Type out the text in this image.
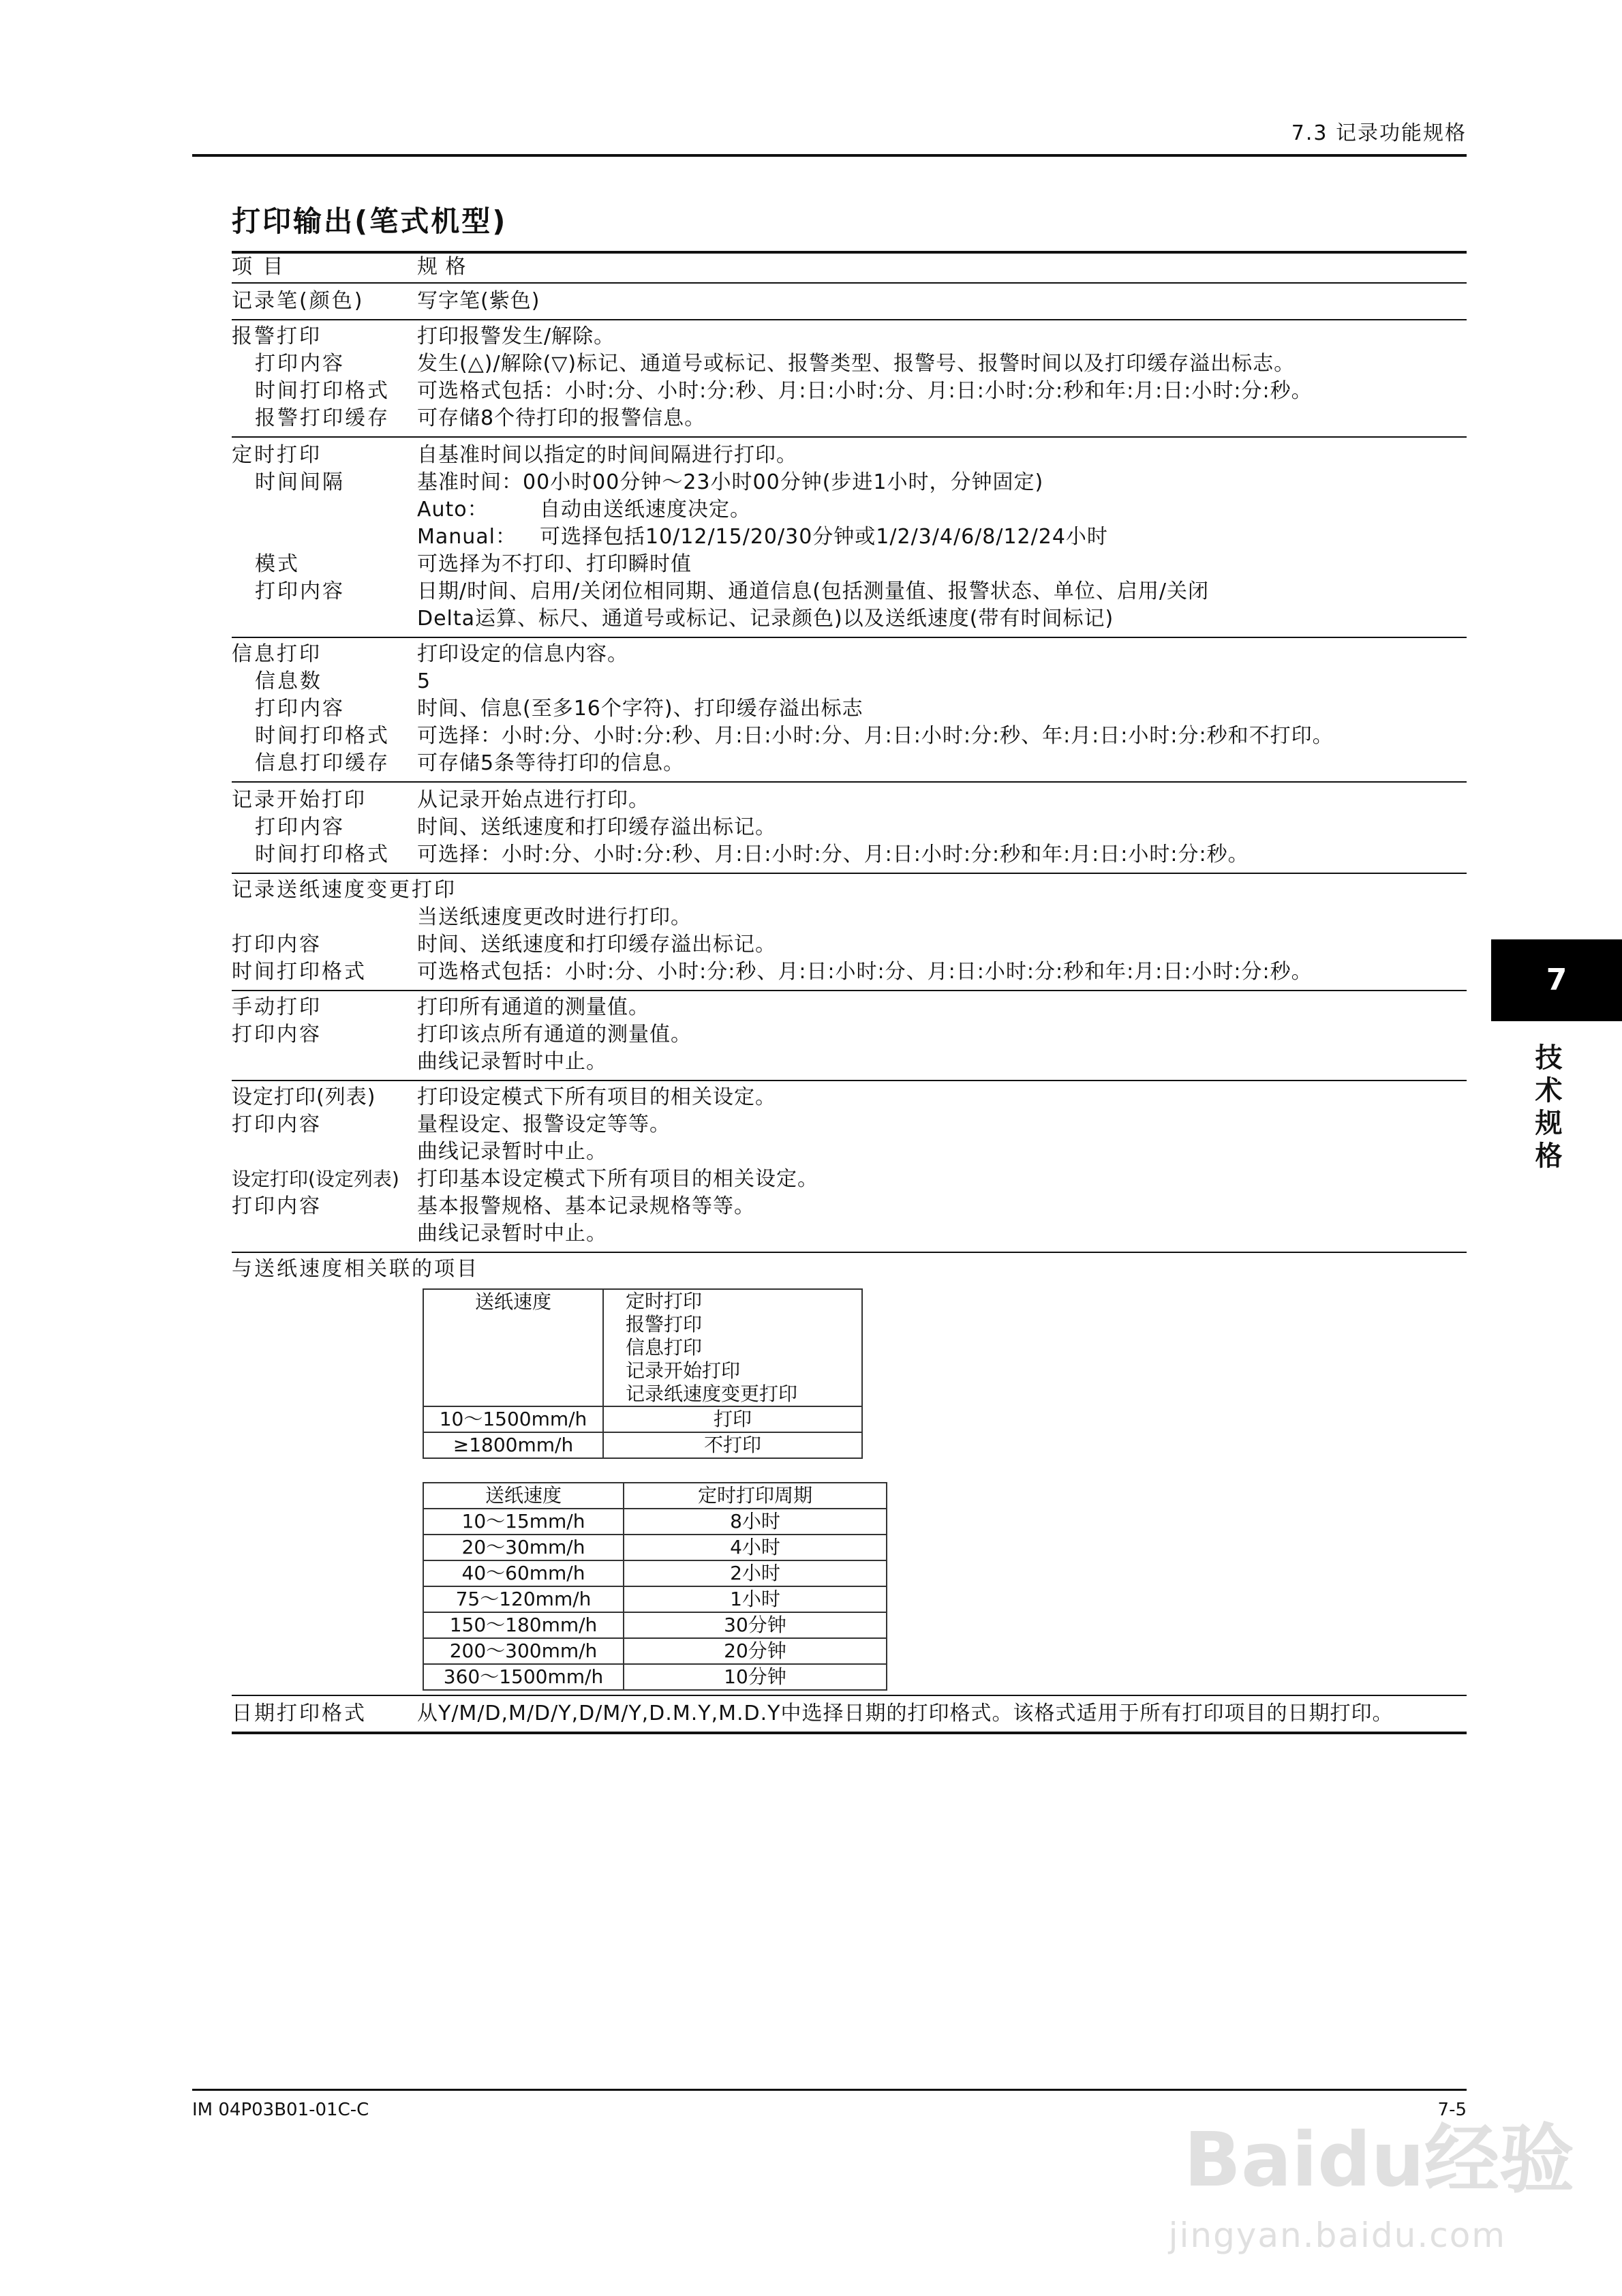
7.3 记录功能规格
打印输出(笔式机型)
项 目	规 格
记录笔(颜色)	写字笔(紫色)
报警打印	打印报警发生/解除。
打印内容	发生(△)/解除(▽)标记、通道号或标记、报警类型、报警号、报警时间以及打印缓存溢出标志。
时间打印格式 可选格式包括：小时:分、小时:分:秒、月:日:小时:分、月:日:小时:分:秒和年:月:日:小时:分:秒。
报警打印缓存 可存储8个待打印的报警信息。
定时打印	自基准时间以指定的时间间隔进行打印。
时间间隔	基准时间：00小时00分钟～23小时00分钟(步进1小时，分钟固定)
Auto：	自动由送纸速度决定。
Manual： 可选择包括10/12/15/20/30分钟或1/2/3/4/6/8/12/24小时
模式	可选择为不打印、打印瞬时值
打印内容	日期/时间、启用/关闭位相同期、通道信息(包括测量值、报警状态、单位、启用/关闭
Delta运算、标尺、通道号或标记、记录颜色)以及送纸速度(带有时间标记)
信息打印	打印设定的信息内容。
信息数	5
打印内容	时间、信息(至多16个字符)、打印缓存溢出标志
时间打印格式 可选择：小时:分、小时:分:秒、月:日:小时:分、月:日:小时:分:秒、年:月:日:小时:分:秒和不打印。
信息打印缓存 可存储5条等待打印的信息。
记录开始打印 从记录开始点进行打印。
打印内容	时间、送纸速度和打印缓存溢出标记。
时间打印格式 可选择：小时:分、小时:分:秒、月:日:小时:分、月:日:小时:分:秒和年:月:日:小时:分:秒。
记录送纸速度变更打印
当送纸速度更改时进行打印。
打印内容	时间、送纸速度和打印缓存溢出标记。
时间打印格式 可选格式包括：小时:分、小时:分:秒、月:日:小时:分、月:日:小时:分:秒和年:月:日:小时:分:秒。
手动打印	打印所有通道的测量值。
打印内容	打印该点所有通道的测量值。
曲线记录暂时中止。
设定打印(列表) 打印设定模式下所有项目的相关设定。
打印内容	量程设定、报警设定等等。
曲线记录暂时中止。
设定打印(设定列表) 打印基本设定模式下所有项目的相关设定。
打印内容	基本报警规格、基本记录规格等等。
曲线记录暂时中止。
与送纸速度相关联的项目
送纸速度	定时打印
报警打印
信息打印
记录开始打印
记录纸速度变更打印

10～1500mm/h	打印
≥1800mm/h	不打印
送纸速度	定时打印周期
10～15mm/h	8小时
20～30mm/h	4小时
40～60mm/h	2小时
75～120mm/h	1小时
150～180mm/h	30分钟
200～300mm/h	20分钟
360～1500mm/h	10分钟
日期打印格式 从Y/M/D,M/D/Y,D/M/Y,D.M.Y,M.D.Y中选择日期的打印格式。该格式适用于所有打印项目的日期打印。
7
技术规格
IM 04P03B01-01C-C	7-5
Baidu经验
jingyan.baidu.com
